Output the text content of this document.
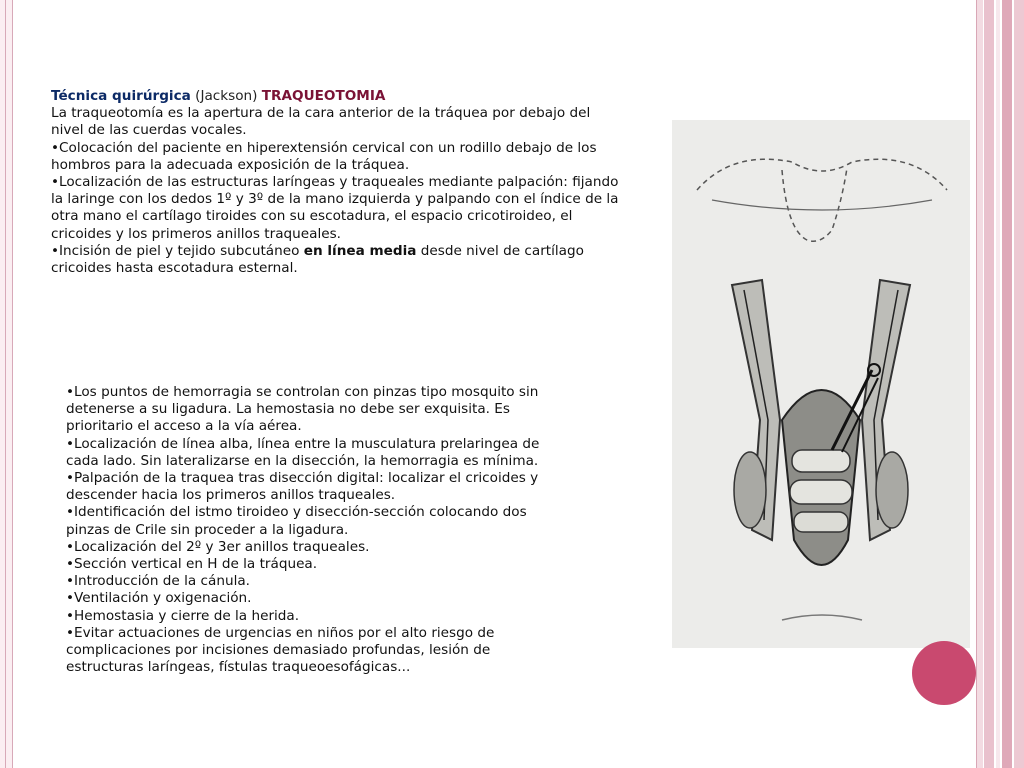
Técnica quirúrgica (Jackson) TRAQUEOTOMIA

La traqueotomía es la apertura de la cara anterior de la tráquea por debajo del nivel de las cuerdas vocales.

•Colocación del paciente en hiperextensión cervical con un rodillo debajo de los hombros para la adecuada exposición de la tráquea.

•Localización de las estructuras laríngeas y traqueales mediante palpación: fijando la laringe con los dedos 1º y 3º de la mano izquierda y palpando con el índice de la otra mano el cartílago tiroides con su escotadura, el espacio cricotiroideo, el cricoides y los primeros anillos traqueales.

•Incisión de piel y tejido subcutáneo en línea media desde nivel de cartílago cricoides hasta escotadura esternal.

•Los puntos de hemorragia se controlan con pinzas tipo mosquito sin detenerse a su ligadura. La hemostasia no debe ser exquisita. Es prioritario el acceso a la vía aérea.

•Localización de línea alba, línea entre la musculatura prelaringea de cada lado. Sin lateralizarse en la disección, la hemorragia es mínima.

•Palpación de la traquea tras disección digital: localizar el cricoides y descender hacia los primeros anillos traqueales.

•Identificación del istmo tiroideo y disección-sección colocando dos pinzas de Crile sin proceder a la ligadura.

•Localización del 2º y 3er anillos traqueales.

•Sección vertical en H de la tráquea.

•Introducción de la cánula.

•Ventilación y oxigenación.

•Hemostasia y cierre de la herida.

•Evitar actuaciones de urgencias en niños por el alto riesgo de complicaciones por incisiones demasiado profundas, lesión de estructuras laríngeas, fístulas traqueoesofágicas...
